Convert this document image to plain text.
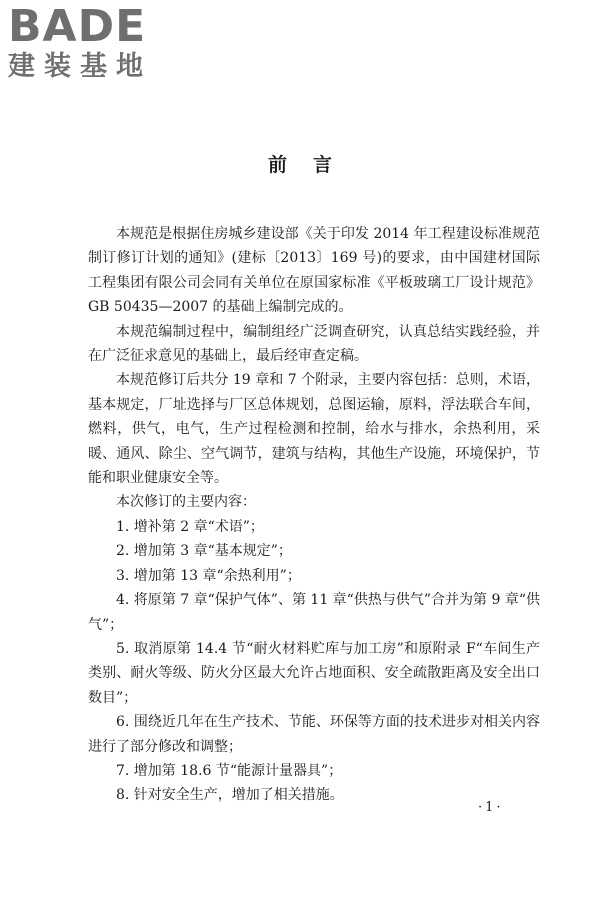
BADE
建装基地
前言

本规范是根据住房城乡建设部《关于印发 2014 年工程建设标准规范制订修订计划的通知》(建标〔2013〕169 号)的要求，由中国建材国际工程集团有限公司会同有关单位在原国家标准《平板玻璃工厂设计规范》GB 50435—2007 的基础上编制完成的。

本规范编制过程中，编制组经广泛调查研究，认真总结实践经验，并在广泛征求意见的基础上，最后经审查定稿。

本规范修订后共分 19 章和 7 个附录，主要内容包括：总则，术语，基本规定，厂址选择与厂区总体规划，总图运输，原料，浮法联合车间，燃料，供气，电气，生产过程检测和控制，给水与排水，余热利用，采暖、通风、除尘、空气调节，建筑与结构，其他生产设施，环境保护，节能和职业健康安全等。

本次修订的主要内容：

1. 增补第 2 章“术语”；

2. 增加第 3 章“基本规定”；

3. 增加第 13 章“余热利用”；

4. 将原第 7 章“保护气体”、第 11 章“供热与供气”合并为第 9 章“供气”；

5. 取消原第 14.4 节“耐火材料贮库与加工房”和原附录 F“车间生产类别、耐火等级、防火分区最大允许占地面积、安全疏散距离及安全出口数目”；

6. 围绕近几年在生产技术、节能、环保等方面的技术进步对相关内容进行了部分修改和调整；

7. 增加第 18.6 节“能源计量器具”；

8. 针对安全生产，增加了相关措施。

·1·
